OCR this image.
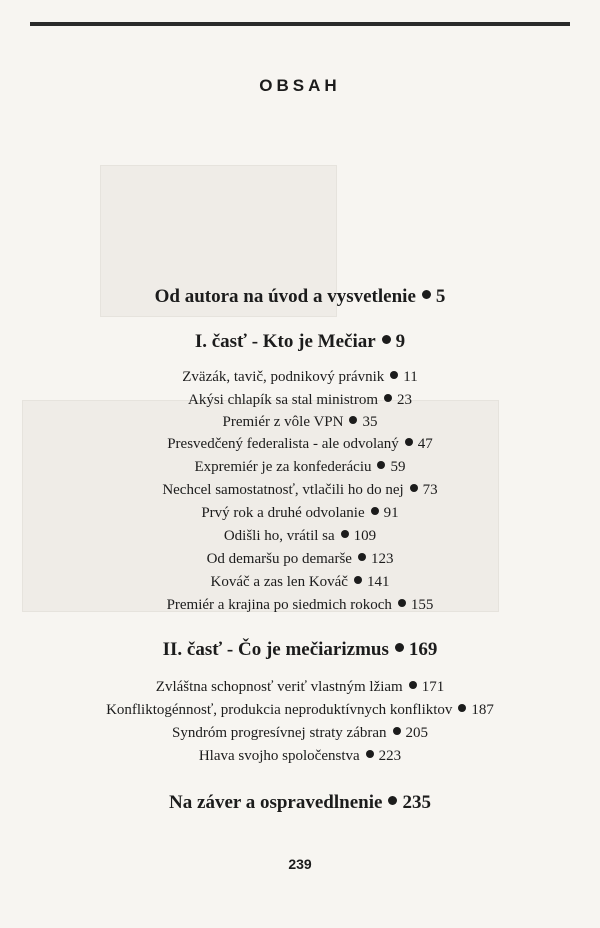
OBSAH
Od autora na úvod a vysvetlenie 5
I. časť - Kto je Mečiar 9
Zväzák, tavič, podnikový právnik 11
Akýsi chlapík sa stal ministrom 23
Premiér z vôle VPN 35
Presvedčený federalista - ale odvolaný 47
Expremiér je za konfederáciu 59
Nechcel samostatnosť, vtlačili ho do nej 73
Prvý rok a druhé odvolanie 91
Odišli ho, vrátil sa 109
Od demaršu po demarše 123
Kováč a zas len Kováč 141
Premiér a krajina po siedmich rokoch 155
II. časť - Čo je mečiarizmus 169
Zvláštna schopnosť veriť vlastným lžiam 171
Konfliktogénnosť, produkcia neproduktívnych konfliktov 187
Syndróm progresívnej straty zábran 205
Hlava svojho spoločenstva 223
Na záver a ospravedlnenie 235
239
